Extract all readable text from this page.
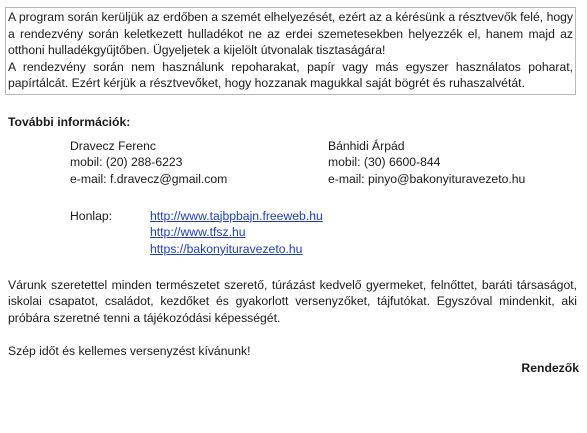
A program során kerüljük az erdőben a szemét elhelyezését, ezért az a kérésünk a résztvevők felé, hogy a rendezvény során keletkezett hulladékot ne az erdei szemetesekben helyezzék el, hanem majd az otthoni hulladékgyűjtőben. Ügyeljetek a kijelölt útvonalak tisztaságára!

A rendezvény során nem használunk repoharakat, papír vagy más egyszer használatos poharat, papírtálcát. Ezért kérjük a résztvevőket, hogy hozzanak magukkal saját bögrét és ruhaszalvétát.

További információk:

Dravecz Ferenc
mobil: (20) 288-6223
e-mail: f.dravecz@gmail.com
Bánhidi Árpád
mobil: (30) 6600-844
e-mail: pinyo@bakonyituravezeto.hu
Honlap:	http://www.tajbpbajn.freeweb.hu
http://www.tfsz.hu
https://bakonyituravezeto.hu

Várunk szeretettel minden természetet szerető, túrázást kedvelő gyermeket, felnőttet, baráti társaságot, iskolai csapatot, családot, kezdőket és gyakorlott versenyzőket, tájfutókat. Egyszóval mindenkit, aki próbára szeretné tenni a tájékozódási képességét.

Szép időt és kellemes versenyzést kívánunk!

Rendezők
